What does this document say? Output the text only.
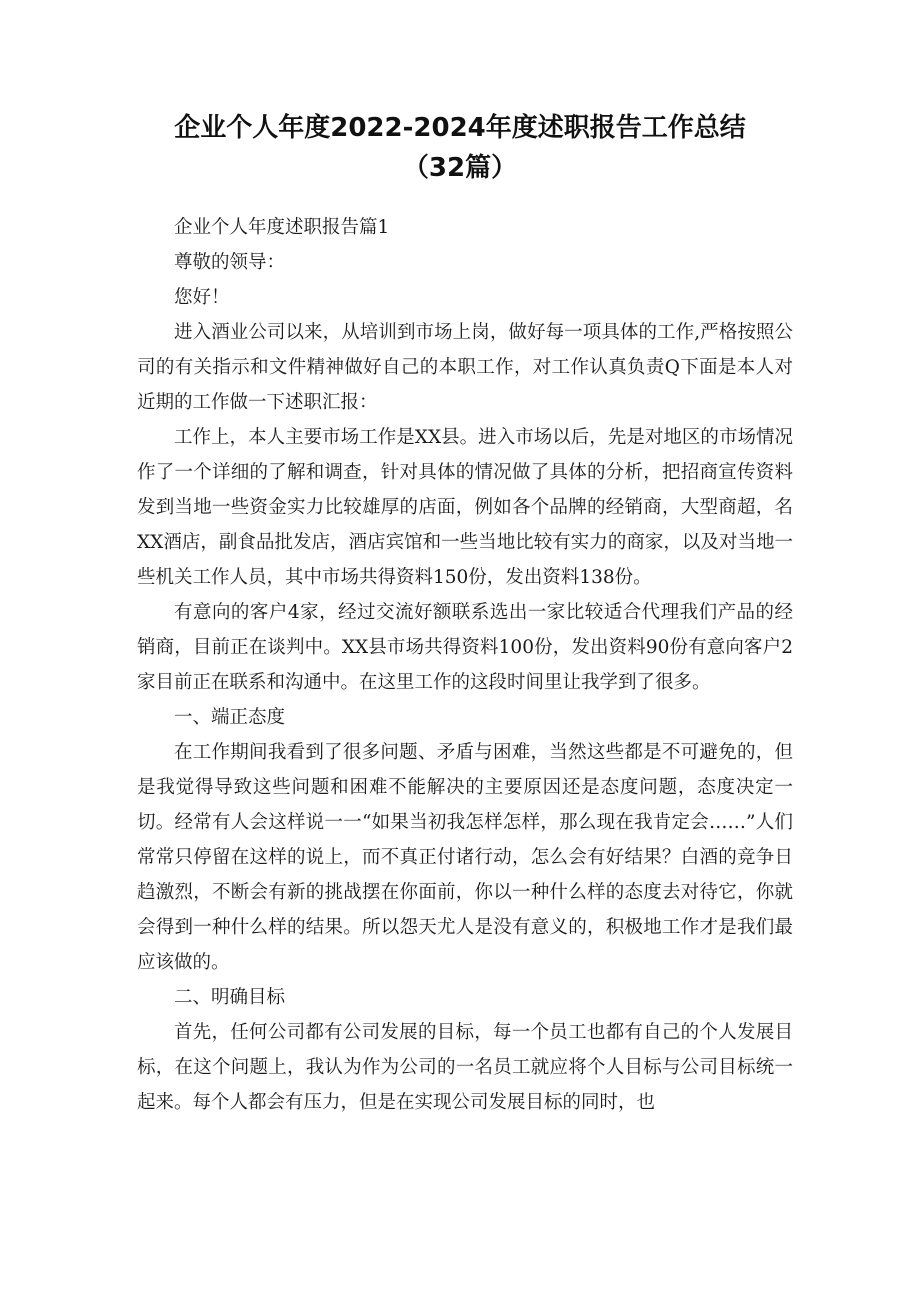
企业个人年度2022-2024年度述职报告工作总结（32篇）

企业个人年度述职报告篇1

尊敬的领导：

您好！

进入酒业公司以来，从培训到市场上岗，做好每一项具体的工作,严格按照公司的有关指示和文件精神做好自己的本职工作，对工作认真负责Q下面是本人对近期的工作做一下述职汇报：

工作上，本人主要市场工作是XX县。进入市场以后，先是对地区的市场情况作了一个详细的了解和调查，针对具体的情况做了具体的分析，把招商宣传资料发到当地一些资金实力比较雄厚的店面，例如各个品牌的经销商，大型商超，名XX酒店，副食品批发店，酒店宾馆和一些当地比较有实力的商家，以及对当地一些机关工作人员，其中市场共得资料150份，发出资料138份。

有意向的客户4家，经过交流好额联系选出一家比较适合代理我们产品的经销商，目前正在谈判中。XX县市场共得资料100份，发出资料90份有意向客户2家目前正在联系和沟通中。在这里工作的这段时间里让我学到了很多。

一、端正态度

在工作期间我看到了很多问题、矛盾与困难，当然这些都是不可避免的，但是我觉得导致这些问题和困难不能解决的主要原因还是态度问题，态度决定一切。经常有人会这样说一一“如果当初我怎样怎样，那么现在我肯定会……”人们常常只停留在这样的说上，而不真正付诸行动，怎么会有好结果？白酒的竞争日趋激烈，不断会有新的挑战摆在你面前，你以一种什么样的态度去对待它，你就会得到一种什么样的结果。所以怨天尤人是没有意义的，积极地工作才是我们最应该做的。

二、明确目标

首先，任何公司都有公司发展的目标，每一个员工也都有自己的个人发展目标，在这个问题上，我认为作为公司的一名员工就应将个人目标与公司目标统一起来。每个人都会有压力，但是在实现公司发展目标的同时，也
